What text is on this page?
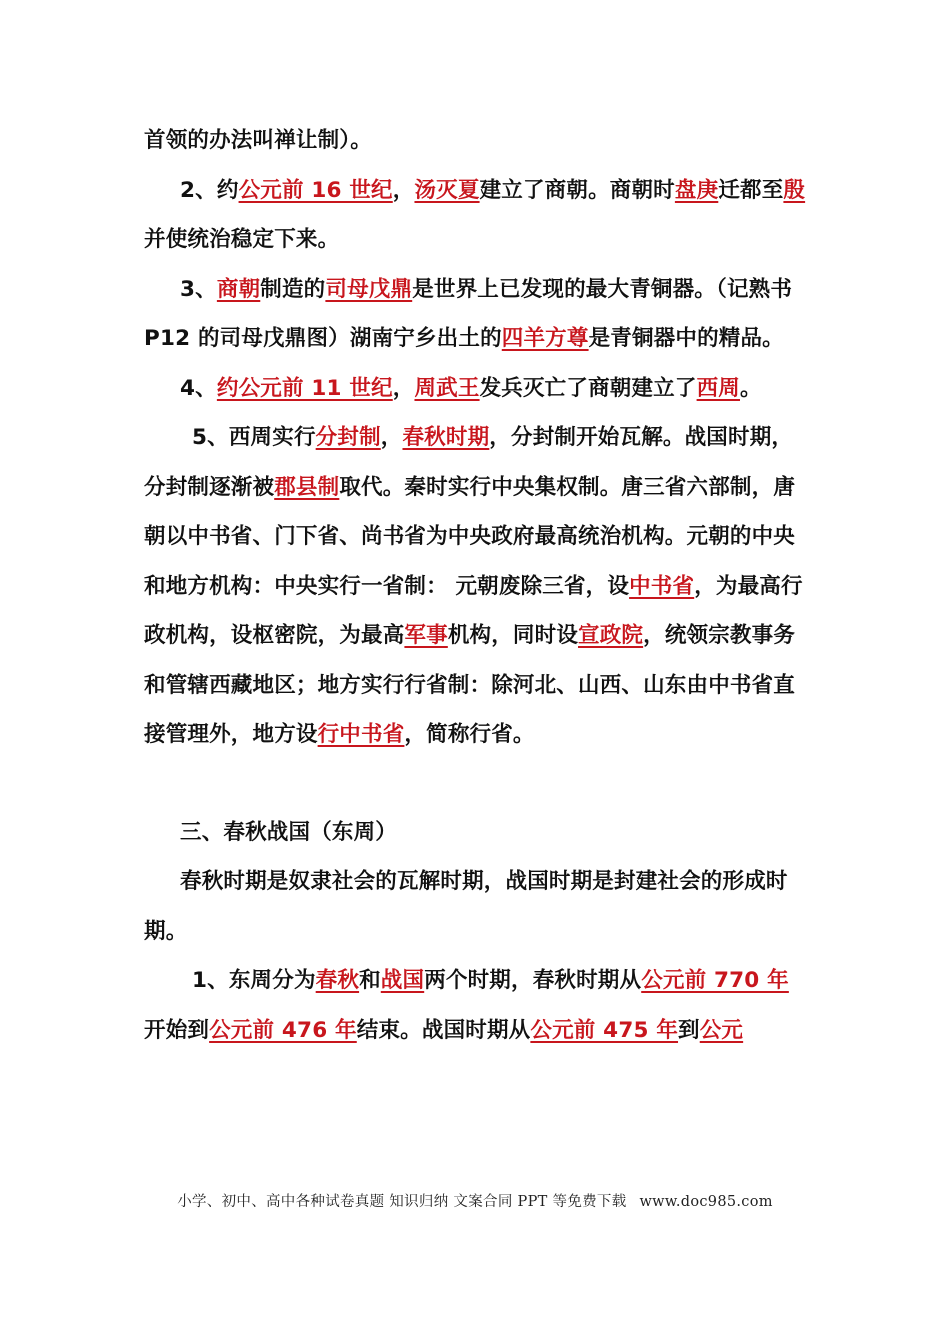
首领的办法叫禅让制）。

2、约公元前 16 世纪，汤灭夏建立了商朝。商朝时盘庚迁都至殷并使统治稳定下来。

3、商朝制造的司母戊鼎是世界上已发现的最大青铜器。（记熟书 P12 的司母戊鼎图）湖南宁乡出土的四羊方尊是青铜器中的精品。

4、约公元前 11 世纪，周武王发兵灭亡了商朝建立了西周。

5、西周实行分封制，春秋时期，分封制开始瓦解。战国时期，分封制逐渐被郡县制取代。秦时实行中央集权制。唐三省六部制，唐朝以中书省、门下省、尚书省为中央政府最高统治机构。元朝的中央和地方机构：中央实行一省制： 元朝废除三省，设中书省，为最高行政机构，设枢密院，为最高军事机构，同时设宣政院，统领宗教事务和管辖西藏地区；地方实行行省制：除河北、山西、山东由中书省直接管理外，地方设行中书省，简称行省。

三、春秋战国（东周）

春秋时期是奴隶社会的瓦解时期，战国时期是封建社会的形成时期。

1、东周分为春秋和战国两个时期，春秋时期从公元前 770 年开始到公元前 476 年结束。战国时期从公元前 475 年到公元

小学、初中、高中各种试卷真题 知识归纳 文案合同 PPT 等免费下载 www.doc985.com
